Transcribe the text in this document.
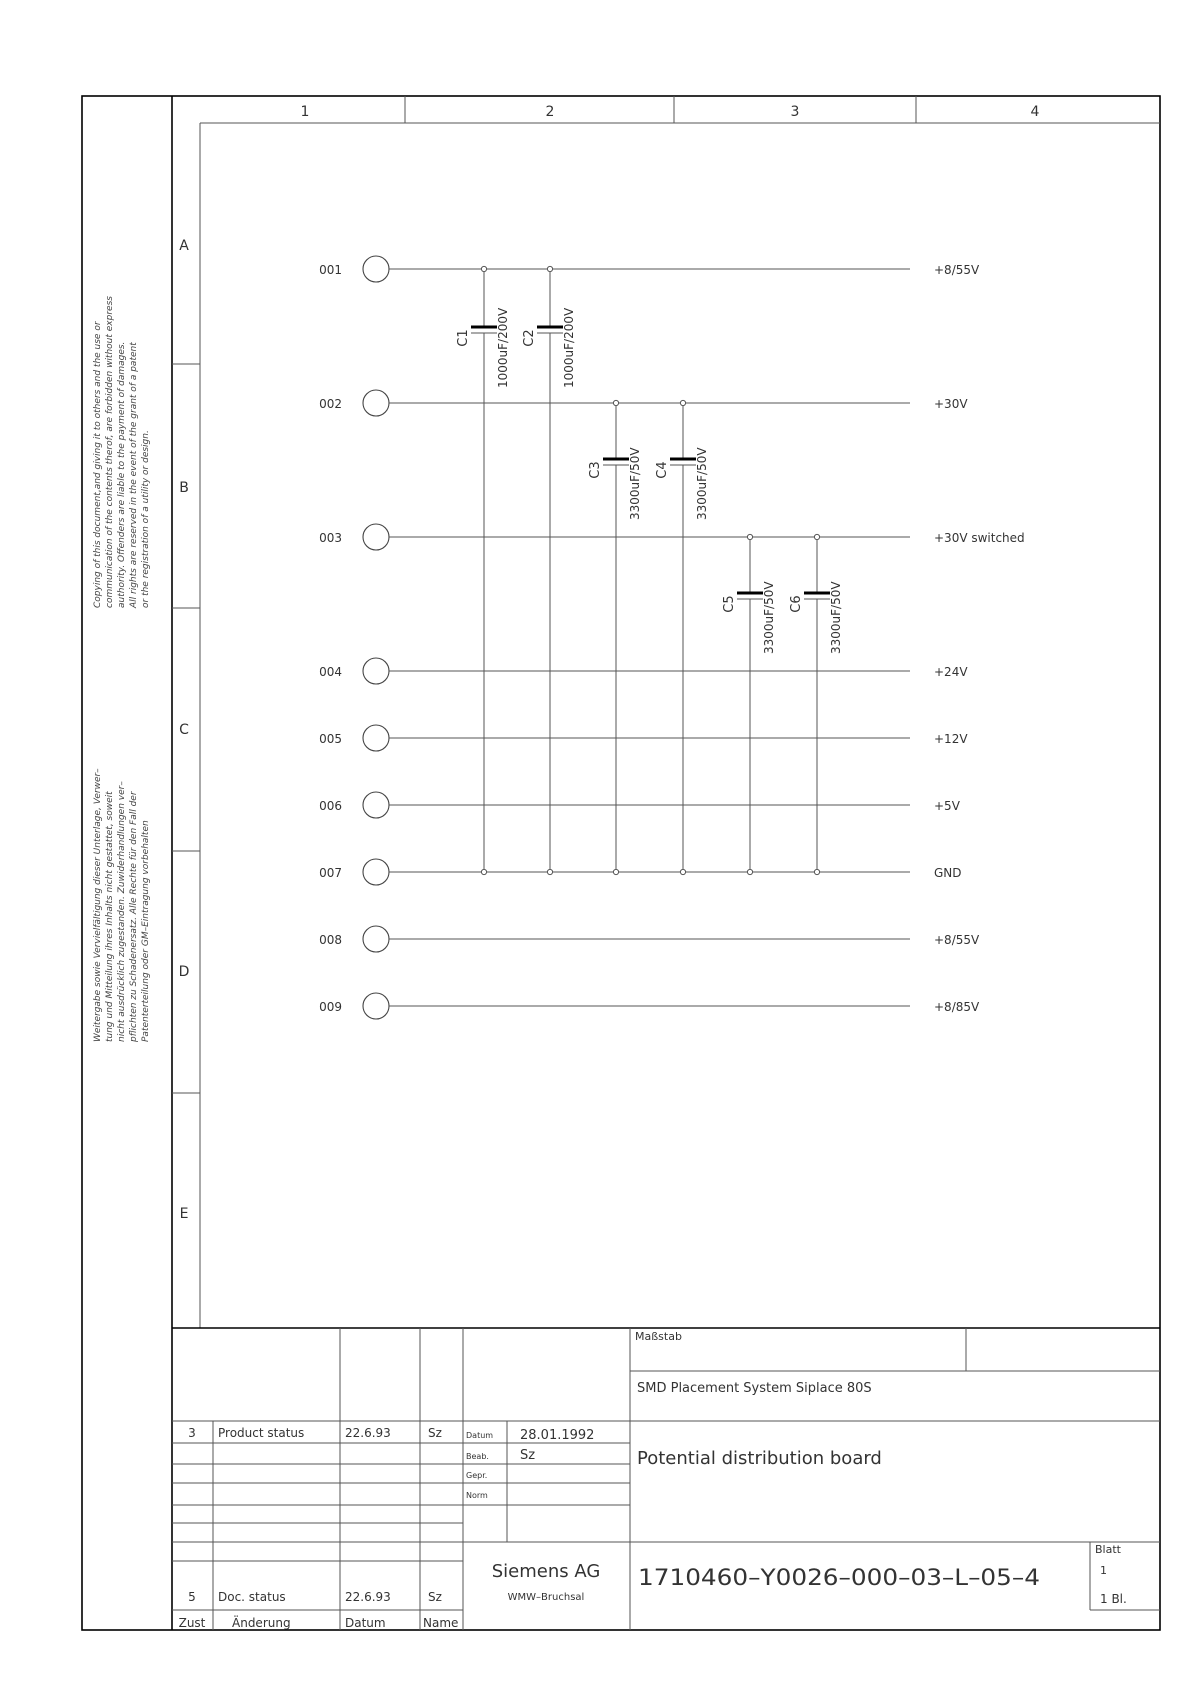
1	2	3	4
A
B
C
D
E
Copying of this document,and giving it to others and the use or communication of the contents therof, are forbidden without express authority. Offenders are liable to the payment of damages. All rights are reserved in the event of the grant of a patent or the registration of a utility or design.
Weitergabe sowie Vervielfältigung dieser Unterlage, Verwer– tung und Mitteilung ihres Inhalts nicht gestattet, soweit nicht ausdrücklich zugestanden. Zuwiderhandlungen ver– pflichten zu Schadenersatz. Alle Rechte für den Fall der Patenterteilung oder GM–Eintragung vorbehalten
001	+8/55V
002	+30V
003	+30V switched
004	+24V
005	+12V
006	+5V
007	GND
008	+8/55V
009	+8/85V
C1 1000uF/200V C2 1000uF/200V
C3 3300uF/50V C4 3300uF/50V
C5 3300uF/50V C6 3300uF/50V
Maßstab
SMD Placement System Siplace 80S
Potential distribution board
3 Product status	22.6.93	Sz
5 Doc. status	22.6.93	Sz
Zust Änderung	Datum	Name
Datum 28.01.1992
Beab. Sz
Gepr.
Norm
Siemens AG
WMW–Bruchsal
1710460–Y0026–000–03–L–05–4
Blatt
1
1 Bl.
